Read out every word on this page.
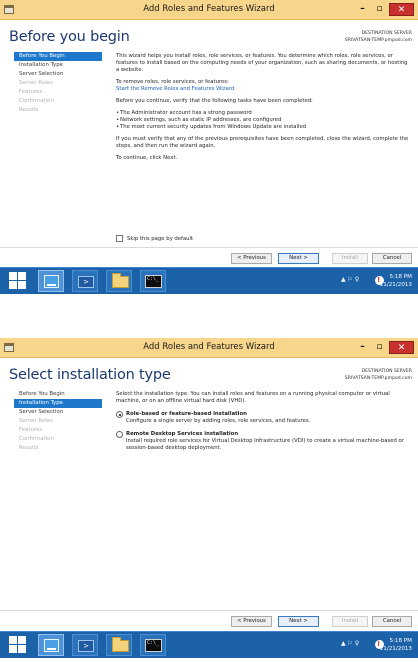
Add Roles and Features Wizard	–	▫	✕
Before you begin	DESTINATION SERVER
SRIVATSAN-TEMP.pmpod.com
Before You Begin
Installation Type
Server Selection
Server Roles
Features
Confirmation
Results

This wizard helps you install roles, role services, or features. You determine which roles, role services, or features to install based on the computing needs of your organization, such as sharing documents, or hosting a website.

To remove roles, role services, or features:

Start the Remove Roles and Features Wizard

Before you continue, verify that the following tasks have been completed:

• The Administrator account has a strong password
• Network settings, such as static IP addresses, are configured
• The most current security updates from Windows Update are installed

If you must verify that any of the previous prerequisites have been completed, close the wizard, complete the steps, and then run the wizard again.

To continue, click Next.

Skip this page by default
< Previous	Next >	Install	Cancel
>	C:\_	▲ ⚐ ♀ !	5:18 PM
11/21/2013
Add Roles and Features Wizard	–	▫	✕
Select installation type	DESTINATION SERVER
SRIVATSAN-TEMP.pmpod.com
Before You Begin
Installation Type
Server Selection
Server Roles
Features
Confirmation
Results
Select the installation type. You can install roles and features on a running physical computer or virtual machine, or on an offline virtual hard disk (VHD).
Role-based or feature-based installation
Configure a single server by adding roles, role services, and features.
Remote Desktop Services installation
Install required role services for Virtual Desktop Infrastructure (VDI) to create a virtual machine-based or session-based desktop deployment.
< Previous	Next >	Install	Cancel
>	C:\_	▲ ⚐ ♀ !	5:18 PM
11/21/2013
